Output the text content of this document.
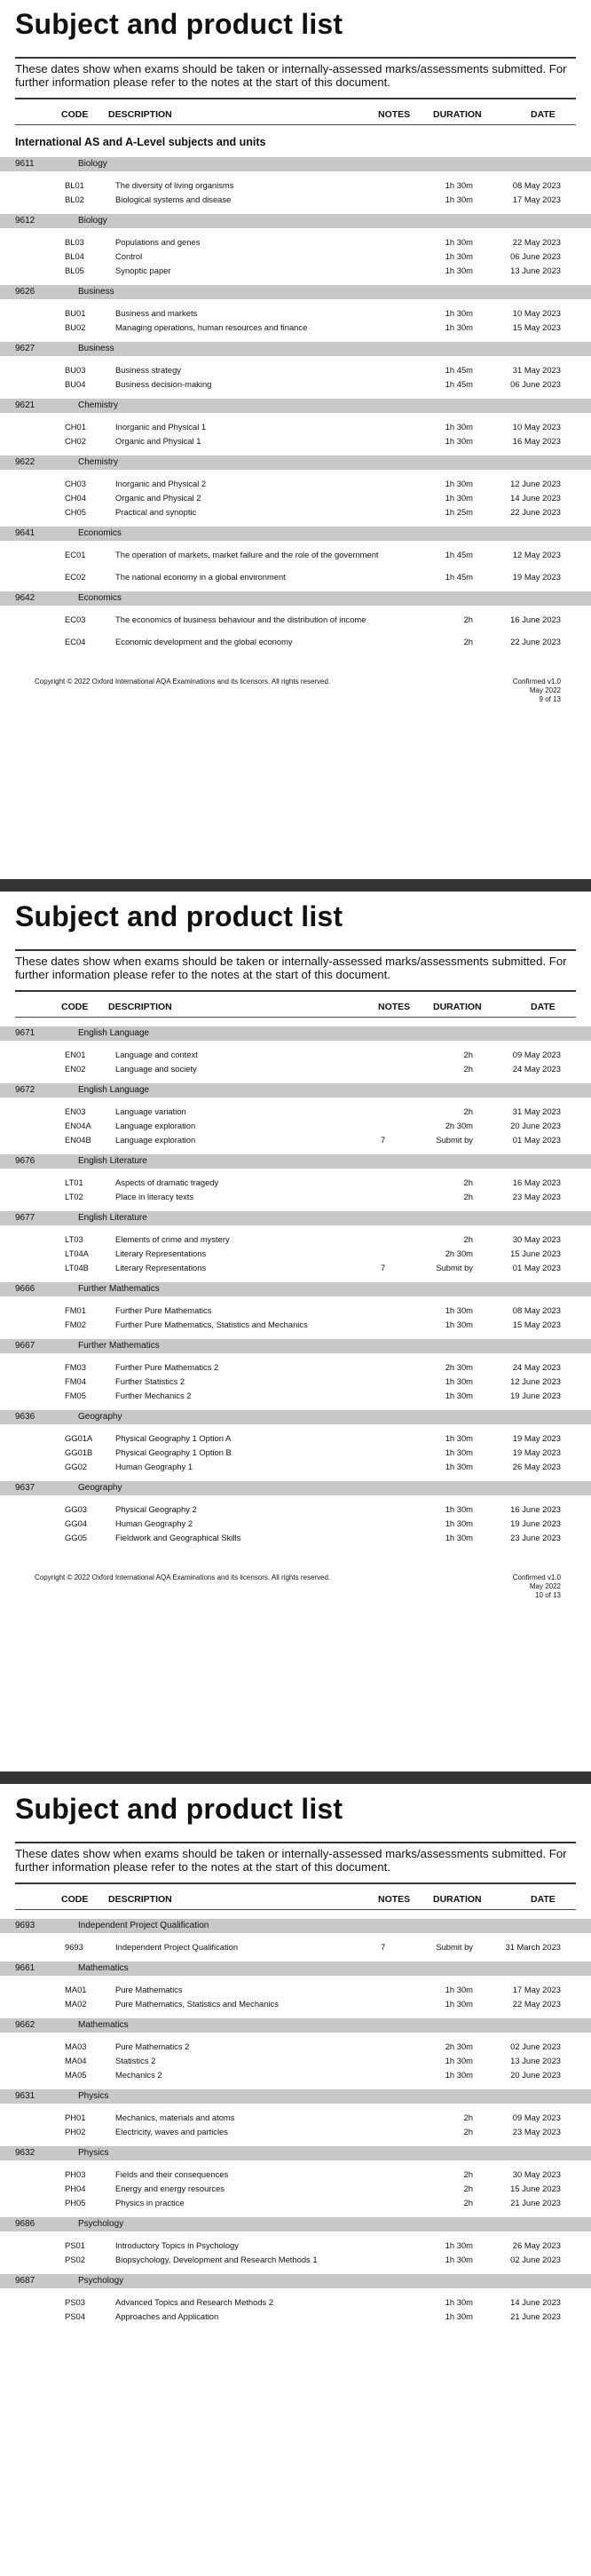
Subject and product list

These dates show when exams should be taken or internally-assessed marks/assessments submitted. For further information please refer to the notes at the start of this document.

CODE DESCRIPTION	NOTES DURATION	DATE
International AS and A-Level subjects and units
9611	Biology
BL01	The diversity of living organisms	1h 30m	08 May 2023
BL02	Biological systems and disease	1h 30m	17 May 2023
9612	Biology
BL03	Populations and genes	1h 30m	22 May 2023
BL04	Control	1h 30m	06 June 2023
BL05	Synoptic paper	1h 30m	13 June 2023
9626	Business
BU01	Business and markets	1h 30m	10 May 2023
BU02	Managing operations, human resources and finance	1h 30m	15 May 2023
9627	Business
BU03	Business strategy	1h 45m	31 May 2023
BU04	Business decision-making	1h 45m	06 June 2023
9621	Chemistry
CH01	Inorganic and Physical 1	1h 30m	10 May 2023
CH02	Organic and Physical 1	1h 30m	16 May 2023
9622	Chemistry
CH03	Inorganic and Physical 2	1h 30m	12 June 2023
CH04	Organic and Physical 2	1h 30m	14 June 2023
CH05	Practical and synoptic	1h 25m	22 June 2023
9641	Economics
EC01	The operation of markets, market failure and the role of the government	1h 45m	12 May 2023
EC02	The national economy in a global environment	1h 45m	19 May 2023
9642	Economics
EC03	The economics of business behaviour and the distribution of income	2h	16 June 2023
EC04	Economic development and the global economy	2h	22 June 2023
Copyright © 2022 Oxford International AQA Examinations and its licensors. All rights reserved.	Confirmed v1.0
May 2022
9 of 13
Subject and product list

These dates show when exams should be taken or internally-assessed marks/assessments submitted. For further information please refer to the notes at the start of this document.

CODE DESCRIPTION	NOTES DURATION	DATE
9671	English Language
EN01	Language and context	2h	09 May 2023
EN02	Language and society	2h	24 May 2023
9672	English Language
EN03	Language variation	2h	31 May 2023
EN04A	Language exploration	2h 30m	20 June 2023
EN04B	Language exploration	7	Submit by	01 May 2023
9676	English Literature
LT01	Aspects of dramatic tragedy	2h	16 May 2023
LT02	Place in literacy texts	2h	23 May 2023
9677	English Literature
LT03	Elements of crime and mystery	2h	30 May 2023
LT04A	Literary Representations	2h 30m	15 June 2023
LT04B	Literary Representations	7	Submit by	01 May 2023
9666	Further Mathematics
FM01	Further Pure Mathematics	1h 30m	08 May 2023
FM02	Further Pure Mathematics, Statistics and Mechanics	1h 30m	15 May 2023
9667	Further Mathematics
FM03	Further Pure Mathematics 2	2h 30m	24 May 2023
FM04	Further Statistics 2	1h 30m	12 June 2023
FM05	Further Mechanics 2	1h 30m	19 June 2023
9636	Geography
GG01A	Physical Geography 1 Option A	1h 30m	19 May 2023
GG01B	Physical Geography 1 Option B	1h 30m	19 May 2023
GG02	Human Geography 1	1h 30m	26 May 2023
9637	Geography
GG03	Physical Geography 2	1h 30m	16 June 2023
GG04	Human Geography 2	1h 30m	19 June 2023
GG05	Fieldwork and Geographical Skills	1h 30m	23 June 2023
Copyright © 2022 Oxford International AQA Examinations and its licensors. All rights reserved.	Confirmed v1.0
May 2022
10 of 13
Subject and product list

These dates show when exams should be taken or internally-assessed marks/assessments submitted. For further information please refer to the notes at the start of this document.

CODE DESCRIPTION	NOTES DURATION	DATE
9693	Independent Project Qualification
9693	Independent Project Qualification	7	Submit by	31 March 2023
9661	Mathematics
MA01	Pure Mathematics	1h 30m	17 May 2023
MA02	Pure Mathematics, Statistics and Mechanics	1h 30m	22 May 2023
9662	Mathematics
MA03	Pure Mathematics 2	2h 30m	02 June 2023
MA04	Statistics 2	1h 30m	13 June 2023
MA05	Mechanics 2	1h 30m	20 June 2023
9631	Physics
PH01	Mechanics, materials and atoms	2h	09 May 2023
PH02	Electricity, waves and particles	2h	23 May 2023
9632	Physics
PH03	Fields and their consequences	2h	30 May 2023
PH04	Energy and energy resources	2h	15 June 2023
PH05	Physics in practice	2h	21 June 2023
9686	Psychology
PS01	Introductory Topics in Psychology	1h 30m	26 May 2023
PS02	Biopsychology, Development and Research Methods 1	1h 30m	02 June 2023
9687	Psychology
PS03	Advanced Topics and Research Methods 2	1h 30m	14 June 2023
PS04	Approaches and Application	1h 30m	21 June 2023
